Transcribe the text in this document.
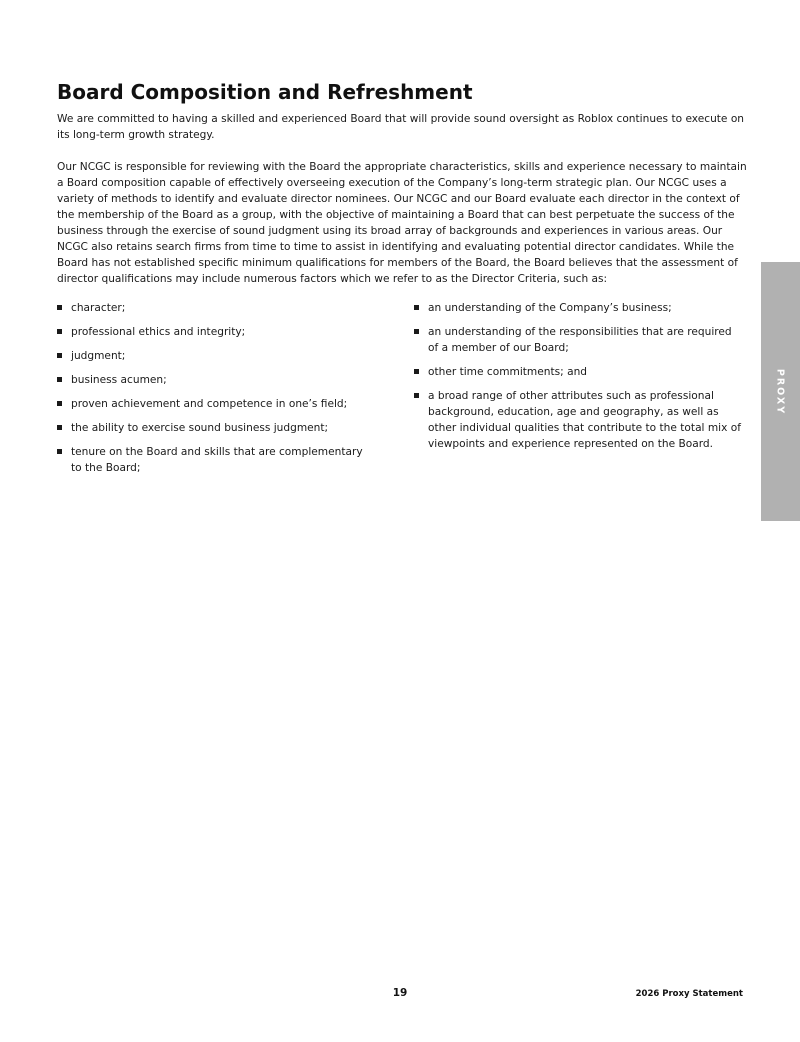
Board Composition and Refreshment

We are committed to having a skilled and experienced Board that will provide sound oversight as Roblox continues to execute on its long-term growth strategy.

Our NCGC is responsible for reviewing with the Board the appropriate characteristics, skills and experience necessary to maintain a Board composition capable of effectively overseeing execution of the Company’s long-term strategic plan. Our NCGC uses a variety of methods to identify and evaluate director nominees. Our NCGC and our Board evaluate each director in the context of the membership of the Board as a group, with the objective of maintaining a Board that can best perpetuate the success of the business through the exercise of sound judgment using its broad array of backgrounds and experiences in various areas. Our NCGC also retains search firms from time to time to assist in identifying and evaluating potential director candidates. While the Board has not established specific minimum qualifications for members of the Board, the Board believes that the assessment of director qualifications may include numerous factors which we refer to as the Director Criteria, such as:

character;
professional ethics and integrity;
judgment;
business acumen;
proven achievement and competence in one’s field;
the ability to exercise sound business judgment;
tenure on the Board and skills that are complementary to the Board;
an understanding of the Company’s business;
an understanding of the responsibilities that are required of a member of our Board;
other time commitments; and
a broad range of other attributes such as professional background, education, age and geography, as well as other individual qualities that contribute to the total mix of viewpoints and experience represented on the Board.
PROXY
19	2026 Proxy Statement
